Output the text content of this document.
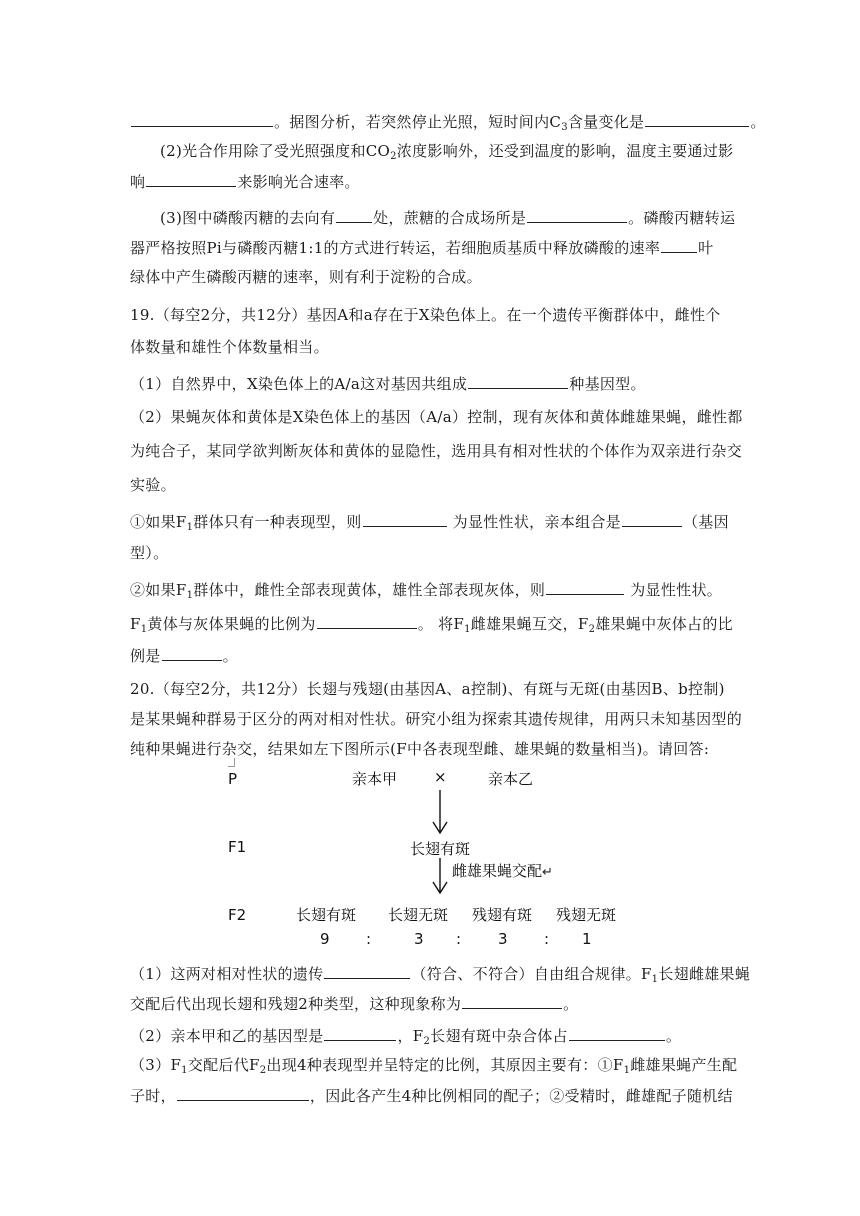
。据图分析，若突然停止光照，短时间内$C_3$含量变化是	。
(2)光合作用除了受光照强度和$CO_2$浓度影响外，还受到温度的影响，温度主要通过影
响	来影响光合速率。
(3)图中磷酸丙糖的去向有	处，蔗糖的合成场所是	。磷酸丙糖转运
器严格按照Pi与磷酸丙糖1:1的方式进行转运，若细胞质基质中释放磷酸的速率	叶
绿体中产生磷酸丙糖的速率，则有利于淀粉的合成。
19.（每空2分，共12分）基因A和a存在于X染色体上。在一个遗传平衡群体中，雌性个
体数量和雄性个体数量相当。
（1）自然界中，X染色体上的A/a这对基因共组成	种基因型。
（2）果蝇灰体和黄体是X染色体上的基因（A/a）控制，现有灰体和黄体雌雄果蝇，雌性都
为纯合子，某同学欲判断灰体和黄体的显隐性，选用具有相对性状的个体作为双亲进行杂交
实验。
①如果$F_1$群体只有一种表现型，则	为显性性状，亲本组合是	（基因
型）。
②如果$F_1$群体中，雌性全部表现黄体，雄性全部表现灰体，则	为显性性状。
$F_1$黄体与灰体果蝇的比例为	。 将$F_1$雌雄果蝇互交，$F_2$雄果蝇中灰体占的比
例是	。
20.（每空2分，共12分）长翅与残翅(由基因A、a控制)、有斑与无斑(由基因B、b控制)
是某果蝇种群易于区分的两对相对性状。研究小组为探索其遗传规律，用两只未知基因型的
纯种果蝇进行杂交，结果如左下图所示(F中各表现型雌、雄果蝇的数量相当)。请回答:
P	亲本甲 ×	亲本乙
F1	长翅有斑
雌雄果蝇交配↵
F2	长翅有斑 长翅无斑 残翅有斑 残翅无斑
9 :	3 : 3 : 1
（1）这两对相对性状的遗传	（符合、不符合）自由组合规律。$F_1$长翅雌雄果蝇
交配后代出现长翅和残翅2种类型，这种现象称为	。
（2）亲本甲和乙的基因型是	，$F_2$长翅有斑中杂合体占	。
$(3)F_1$交配后代$F_2$出现4种表现型并呈特定的比例，其原因主要有：$①F_1$雌雄果蝇产生配
子时，	，因此各产生4种比例相同的配子；②受精时，雌雄配子随机结
